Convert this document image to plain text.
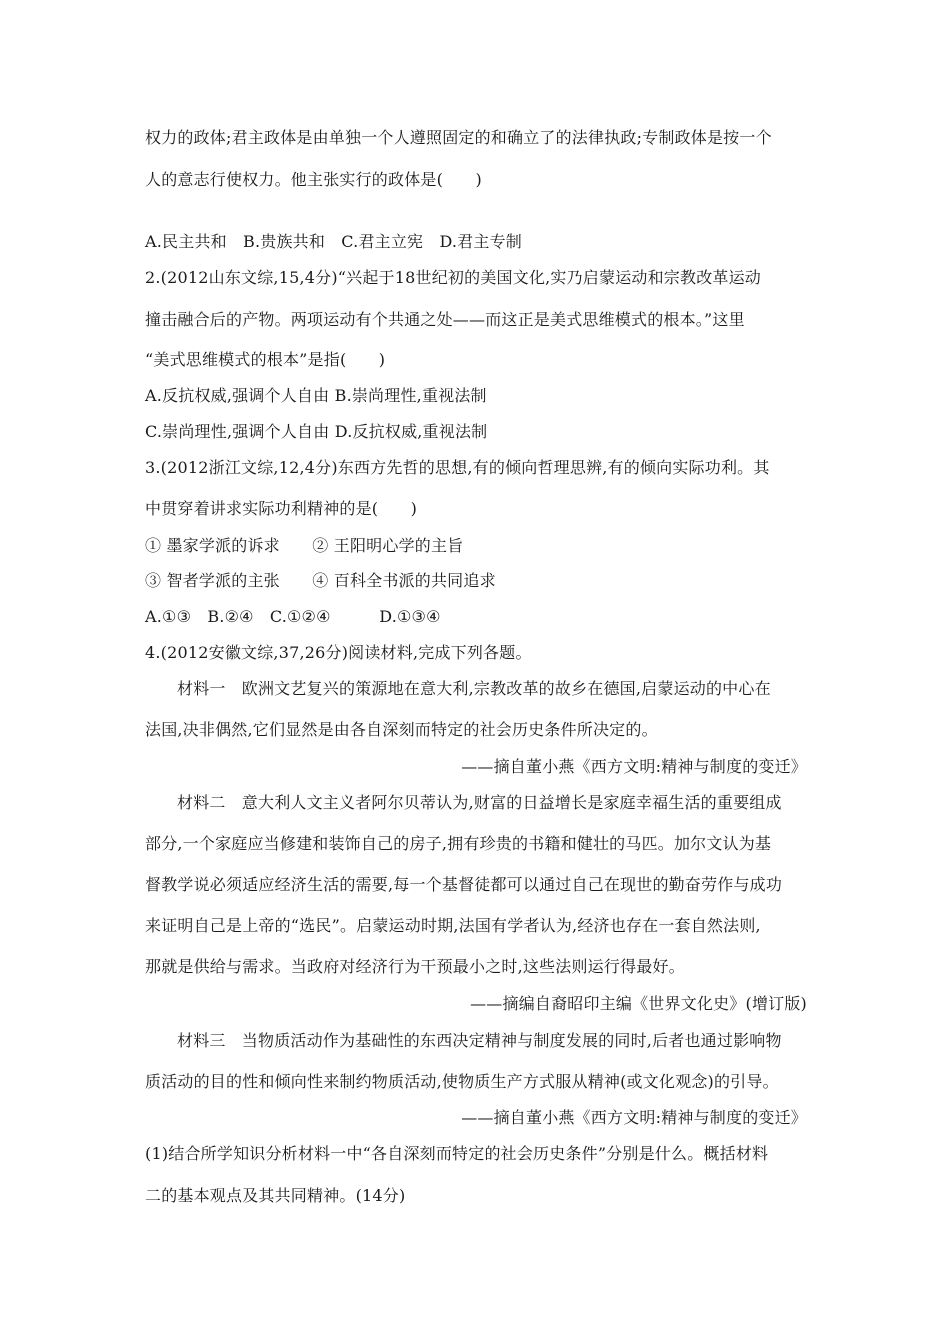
权力的政体;君主政体是由单独一个人遵照固定的和确立了的法律执政;专制政体是按一个
人的意志行使权力。他主张实行的政体是(　　)
A.民主共和　B.贵族共和　C.君主立宪　D.君主专制
2.(2012山东文综,15,4分)“兴起于18世纪初的美国文化,实乃启蒙运动和宗教改革运动
撞击融合后的产物。两项运动有个共通之处——而这正是美式思维模式的根本。”这里
“美式思维模式的根本”是指(　　)
A.反抗权威,强调个人自由 B.崇尚理性,重视法制
C.崇尚理性,强调个人自由 D.反抗权威,重视法制
3.(2012浙江文综,12,4分)东西方先哲的思想,有的倾向哲理思辨,有的倾向实际功利。其
中贯穿着讲求实际功利精神的是(　　)
① 墨家学派的诉求　　② 王阳明心学的主旨
③ 智者学派的主张　　④ 百科全书派的共同追求
A.①③　B.②④　C.①②④　　　D.①③④
4.(2012安徽文综,37,26分)阅读材料,完成下列各题。
材料一　欧洲文艺复兴的策源地在意大利,宗教改革的故乡在德国,启蒙运动的中心在
法国,决非偶然,它们显然是由各自深刻而特定的社会历史条件所决定的。
——摘自董小燕《西方文明:精神与制度的变迁》
材料二　意大利人文主义者阿尔贝蒂认为,财富的日益增长是家庭幸福生活的重要组成
部分,一个家庭应当修建和装饰自己的房子,拥有珍贵的书籍和健壮的马匹。加尔文认为基
督教学说必须适应经济生活的需要,每一个基督徒都可以通过自己在现世的勤奋劳作与成功
来证明自己是上帝的“选民”。启蒙运动时期,法国有学者认为,经济也存在一套自然法则,
那就是供给与需求。当政府对经济行为干预最小之时,这些法则运行得最好。
——摘编自裔昭印主编《世界文化史》(增订版)
材料三　当物质活动作为基础性的东西决定精神与制度发展的同时,后者也通过影响物
质活动的目的性和倾向性来制约物质活动,使物质生产方式服从精神(或文化观念)的引导。
——摘自董小燕《西方文明:精神与制度的变迁》
(1)结合所学知识分析材料一中“各自深刻而特定的社会历史条件”分别是什么。概括材料
二的基本观点及其共同精神。(14分)
